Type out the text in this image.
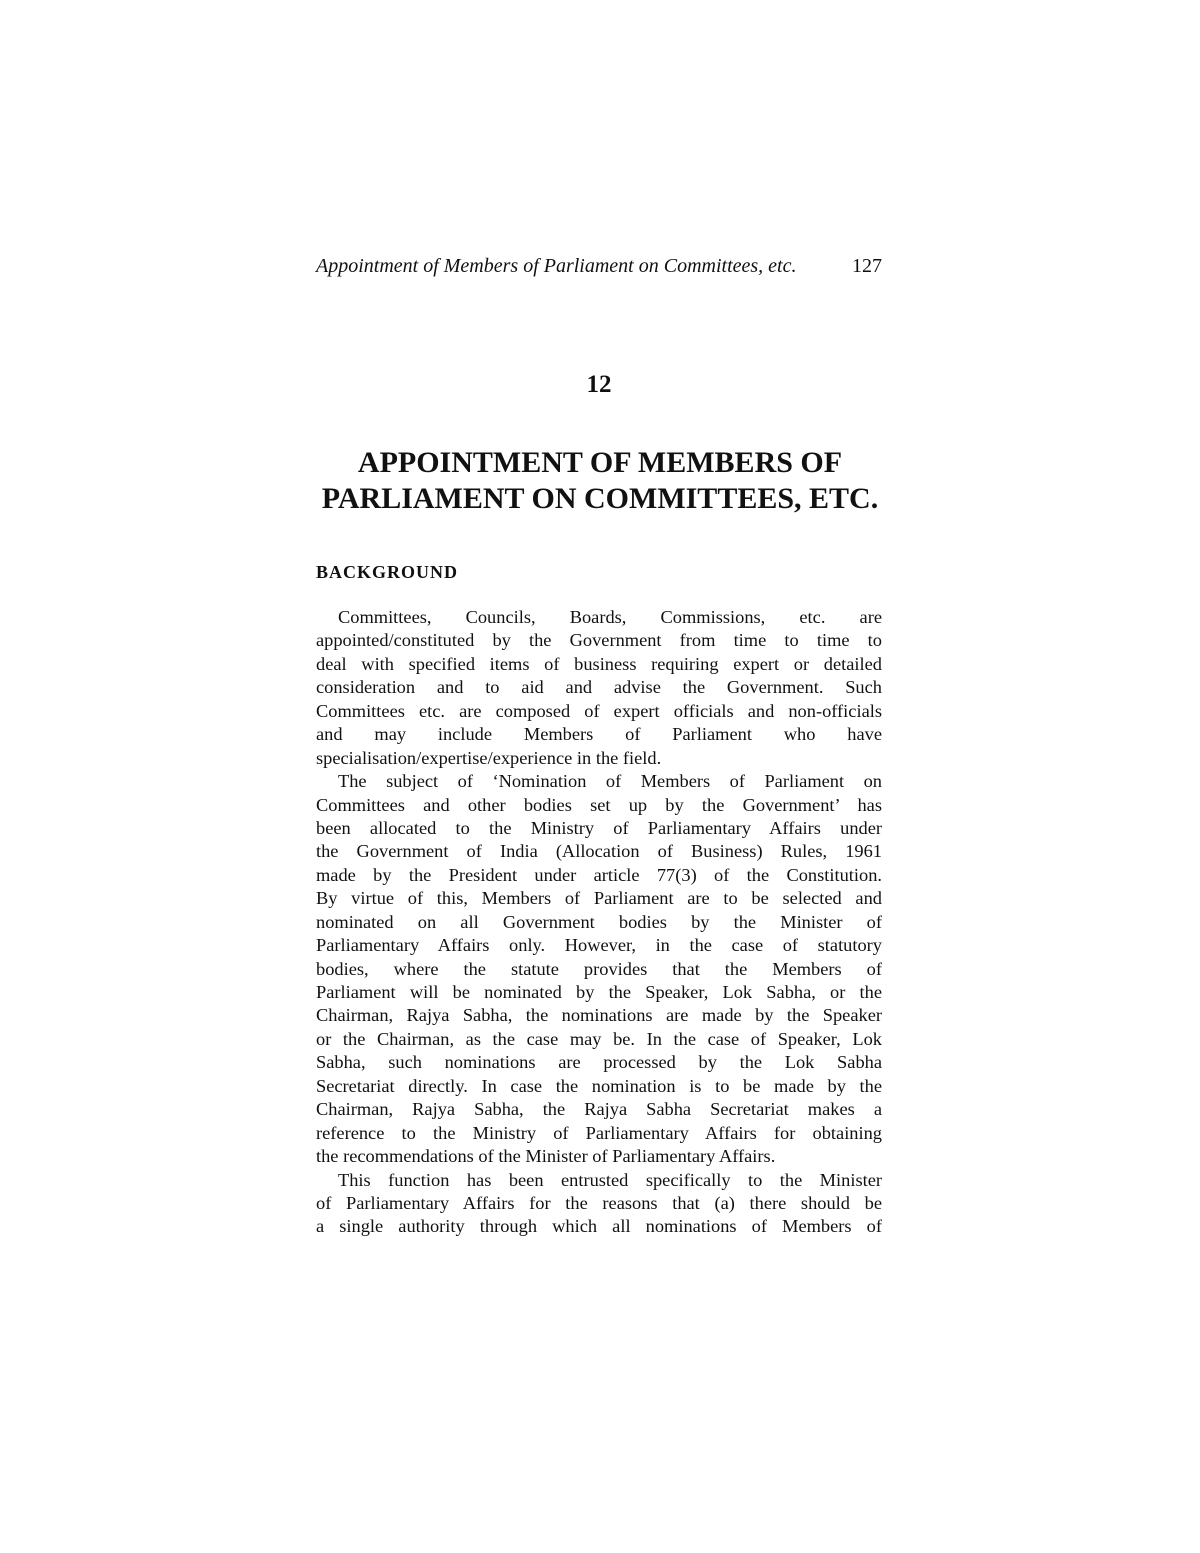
Appointment of Members of Parliament on Committees, etc.	127
12
APPOINTMENT OF MEMBERS OF
PARLIAMENT ON COMMITTEES, ETC.
BACKGROUND
Committees, Councils, Boards, Commissions, etc. are
appointed/constituted by the Government from time to time to
deal with specified items of business requiring expert or detailed
consideration and to aid and advise the Government. Such
Committees etc. are composed of expert officials and non-officials
and may include Members of Parliament who have
specialisation/expertise/experience in the field.
The subject of ‘Nomination of Members of Parliament on
Committees and other bodies set up by the Government’ has
been allocated to the Ministry of Parliamentary Affairs under
the Government of India (Allocation of Business) Rules, 1961
made by the President under article 77(3) of the Constitution.
By virtue of this, Members of Parliament are to be selected and
nominated on all Government bodies by the Minister of
Parliamentary Affairs only. However, in the case of statutory
bodies, where the statute provides that the Members of
Parliament will be nominated by the Speaker, Lok Sabha, or the
Chairman, Rajya Sabha, the nominations are made by the Speaker
or the Chairman, as the case may be. In the case of Speaker, Lok
Sabha, such nominations are processed by the Lok Sabha
Secretariat directly. In case the nomination is to be made by the
Chairman, Rajya Sabha, the Rajya Sabha Secretariat makes a
reference to the Ministry of Parliamentary Affairs for obtaining
the recommendations of the Minister of Parliamentary Affairs.
This function has been entrusted specifically to the Minister
of Parliamentary Affairs for the reasons that (a) there should be
a single authority through which all nominations of Members of
